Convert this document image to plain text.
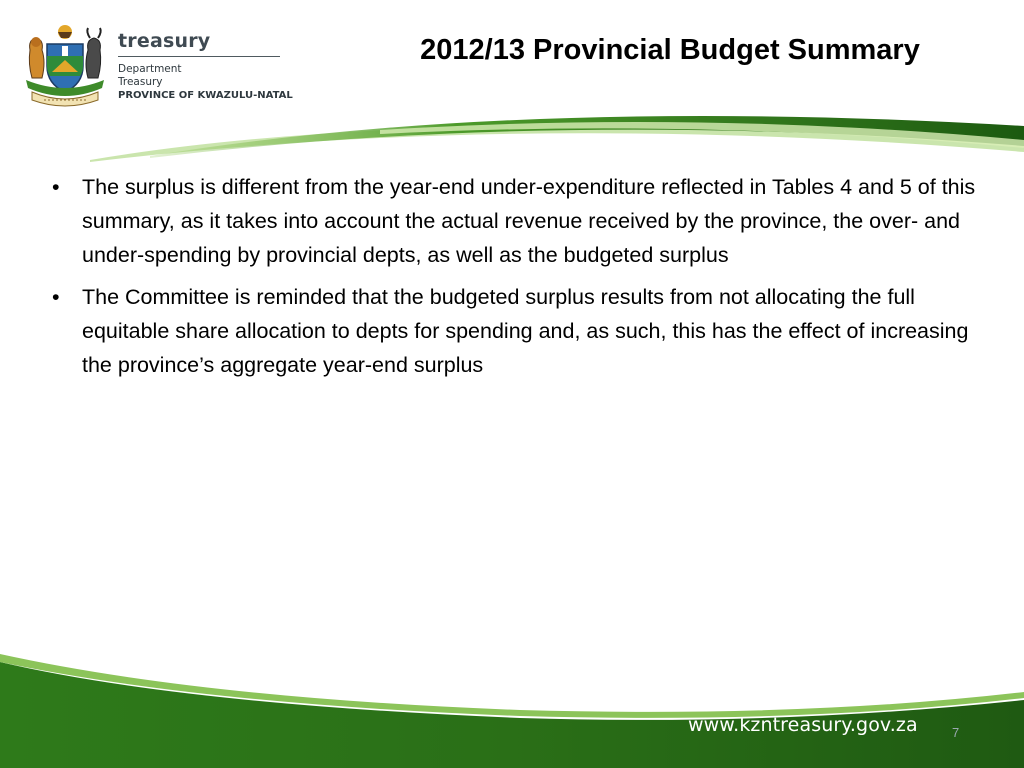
treasury
Department
Treasury
PROVINCE OF KWAZULU-NATAL
2012/13 Provincial Budget Summary
• The surplus is different from the year-end under-expenditure reflected in Tables 4 and 5 of this summary, as it takes into account the actual revenue received by the province, the over- and under-spending by provincial depts, as well as the budgeted surplus
• The Committee is reminded that the budgeted surplus results from not allocating the full equitable share allocation to depts for spending and, as such, this has the effect of increasing the province’s aggregate year-end surplus
www.kzntreasury.gov.za	7
